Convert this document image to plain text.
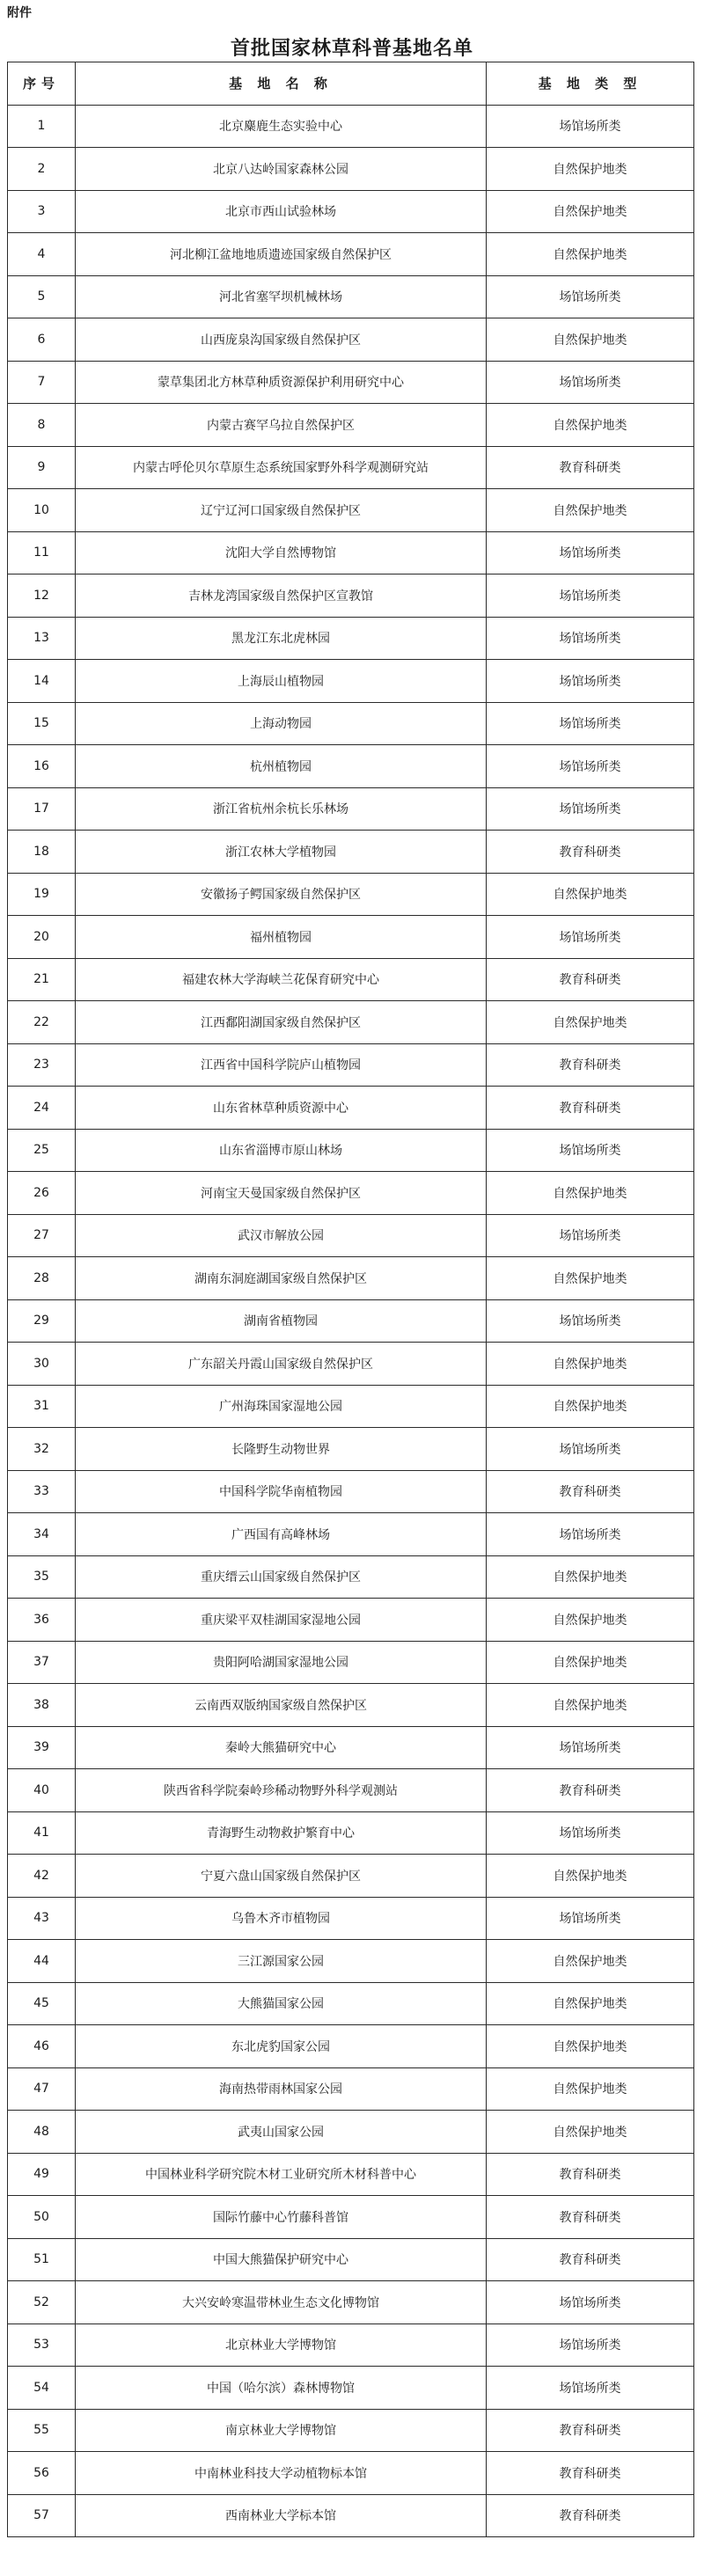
附件
首批国家林草科普基地名单
序号	基 地 名 称	基 地 类 型
1	北京麋鹿生态实验中心	场馆场所类
2	北京八达岭国家森林公园	自然保护地类
3	北京市西山试验林场	自然保护地类
4	河北柳江盆地地质遗迹国家级自然保护区	自然保护地类
5	河北省塞罕坝机械林场	场馆场所类
6	山西庞泉沟国家级自然保护区	自然保护地类
7	蒙草集团北方林草种质资源保护利用研究中心	场馆场所类
8	内蒙古赛罕乌拉自然保护区	自然保护地类
9	内蒙古呼伦贝尔草原生态系统国家野外科学观测研究站	教育科研类
10	辽宁辽河口国家级自然保护区	自然保护地类
11	沈阳大学自然博物馆	场馆场所类
12	吉林龙湾国家级自然保护区宣教馆	场馆场所类
13	黑龙江东北虎林园	场馆场所类
14	上海辰山植物园	场馆场所类
15	上海动物园	场馆场所类
16	杭州植物园	场馆场所类
17	浙江省杭州余杭长乐林场	场馆场所类
18	浙江农林大学植物园	教育科研类
19	安徽扬子鳄国家级自然保护区	自然保护地类
20	福州植物园	场馆场所类
21	福建农林大学海峡兰花保育研究中心	教育科研类
22	江西鄱阳湖国家级自然保护区	自然保护地类
23	江西省中国科学院庐山植物园	教育科研类
24	山东省林草种质资源中心	教育科研类
25	山东省淄博市原山林场	场馆场所类
26	河南宝天曼国家级自然保护区	自然保护地类
27	武汉市解放公园	场馆场所类
28	湖南东洞庭湖国家级自然保护区	自然保护地类
29	湖南省植物园	场馆场所类
30	广东韶关丹霞山国家级自然保护区	自然保护地类
31	广州海珠国家湿地公园	自然保护地类
32	长隆野生动物世界	场馆场所类
33	中国科学院华南植物园	教育科研类
34	广西国有高峰林场	场馆场所类
35	重庆缙云山国家级自然保护区	自然保护地类
36	重庆梁平双桂湖国家湿地公园	自然保护地类
37	贵阳阿哈湖国家湿地公园	自然保护地类
38	云南西双版纳国家级自然保护区	自然保护地类
39	秦岭大熊猫研究中心	场馆场所类
40	陕西省科学院秦岭珍稀动物野外科学观测站	教育科研类
41	青海野生动物救护繁育中心	场馆场所类
42	宁夏六盘山国家级自然保护区	自然保护地类
43	乌鲁木齐市植物园	场馆场所类
44	三江源国家公园	自然保护地类
45	大熊猫国家公园	自然保护地类
46	东北虎豹国家公园	自然保护地类
47	海南热带雨林国家公园	自然保护地类
48	武夷山国家公园	自然保护地类
49	中国林业科学研究院木材工业研究所木材科普中心	教育科研类
50	国际竹藤中心竹藤科普馆	教育科研类
51	中国大熊猫保护研究中心	教育科研类
52	大兴安岭寒温带林业生态文化博物馆	场馆场所类
53	北京林业大学博物馆	场馆场所类
54	中国（哈尔滨）森林博物馆	场馆场所类
55	南京林业大学博物馆	教育科研类
56	中南林业科技大学动植物标本馆	教育科研类
57	西南林业大学标本馆	教育科研类
